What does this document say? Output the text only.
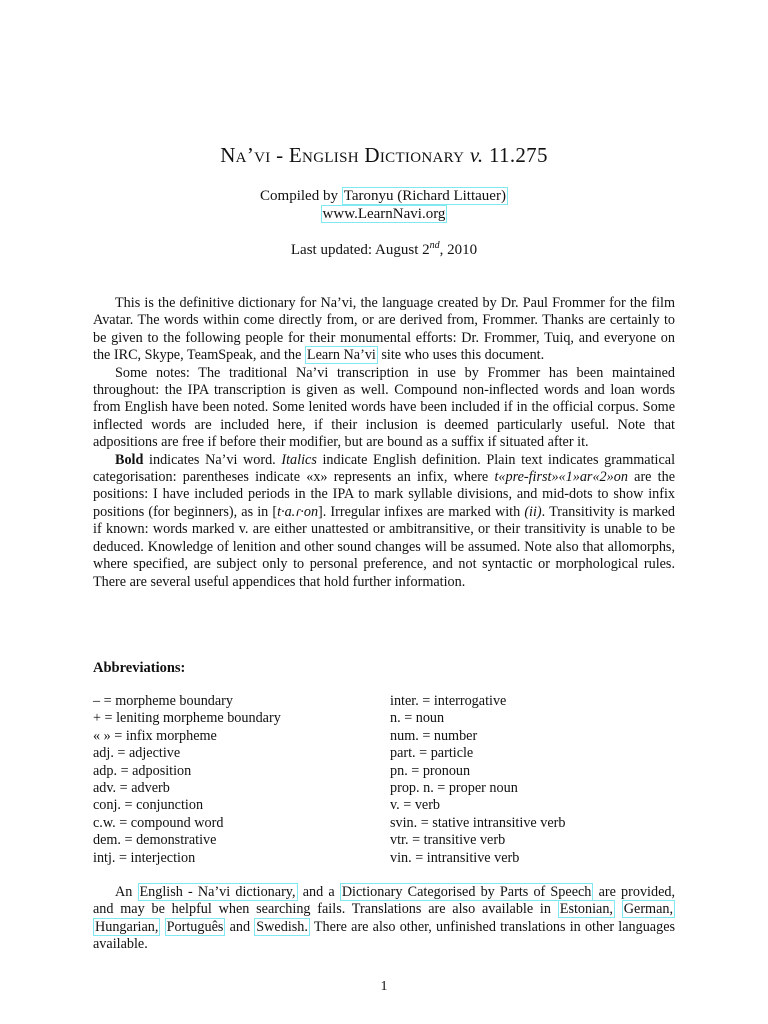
Na’vi - English Dictionary v. 11.275
Compiled by Taronyu (Richard Littauer)
www.LearnNavi.org
Last updated: August 2nd, 2010

This is the definitive dictionary for Na’vi, the language created by Dr. Paul Frommer for the film Avatar. The words within come directly from, or are derived from, Frommer. Thanks are certainly to be given to the following people for their monumental efforts: Dr. Frommer, Tuiq, and everyone on the IRC, Skype, TeamSpeak, and the Learn Na’vi site who uses this document.

Some notes: The traditional Na’vi transcription in use by Frommer has been maintained throughout: the IPA transcription is given as well. Compound non-inflected words and loan words from English have been noted. Some lenited words have been included if in the official corpus. Some inflected words are included here, if their inclusion is deemed particularly useful. Note that adpositions are free if before their modifier, but are bound as a suffix if situated after it.

Bold indicates Na’vi word. Italics indicate English definition. Plain text indicates grammatical categorisation: parentheses indicate «x» represents an infix, where t«pre-first»«1»ar«2»on are the positions: I have included periods in the IPA to mark syllable divisions, and mid-dots to show infix positions (for beginners), as in [t·a.ɾ·on]. Irregular infixes are marked with (ii). Transitivity is marked if known: words marked v. are either unattested or ambitransitive, or their transitivity is unable to be deduced. Knowledge of lenition and other sound changes will be assumed. Note also that allomorphs, where specified, are subject only to personal preference, and not syntactic or morphological rules. There are several useful appendices that hold further information.

Abbreviations:
– = morpheme boundary
+ = leniting morpheme boundary
« » = infix morpheme
adj. = adjective
adp. = adposition
adv. = adverb
conj. = conjunction
c.w. = compound word
dem. = demonstrative
intj. = interjection
inter. = interrogative
n. = noun
num. = number
part. = particle
pn. = pronoun
prop. n. = proper noun
v. = verb
svin. = stative intransitive verb
vtr. = transitive verb
vin. = intransitive verb

An English - Na’vi dictionary, and a Dictionary Categorised by Parts of Speech are provided, and may be helpful when searching fails. Translations are also available in Estonian, German, Hungarian, Português and Swedish. There are also other, unfinished translations in other languages available.

1
